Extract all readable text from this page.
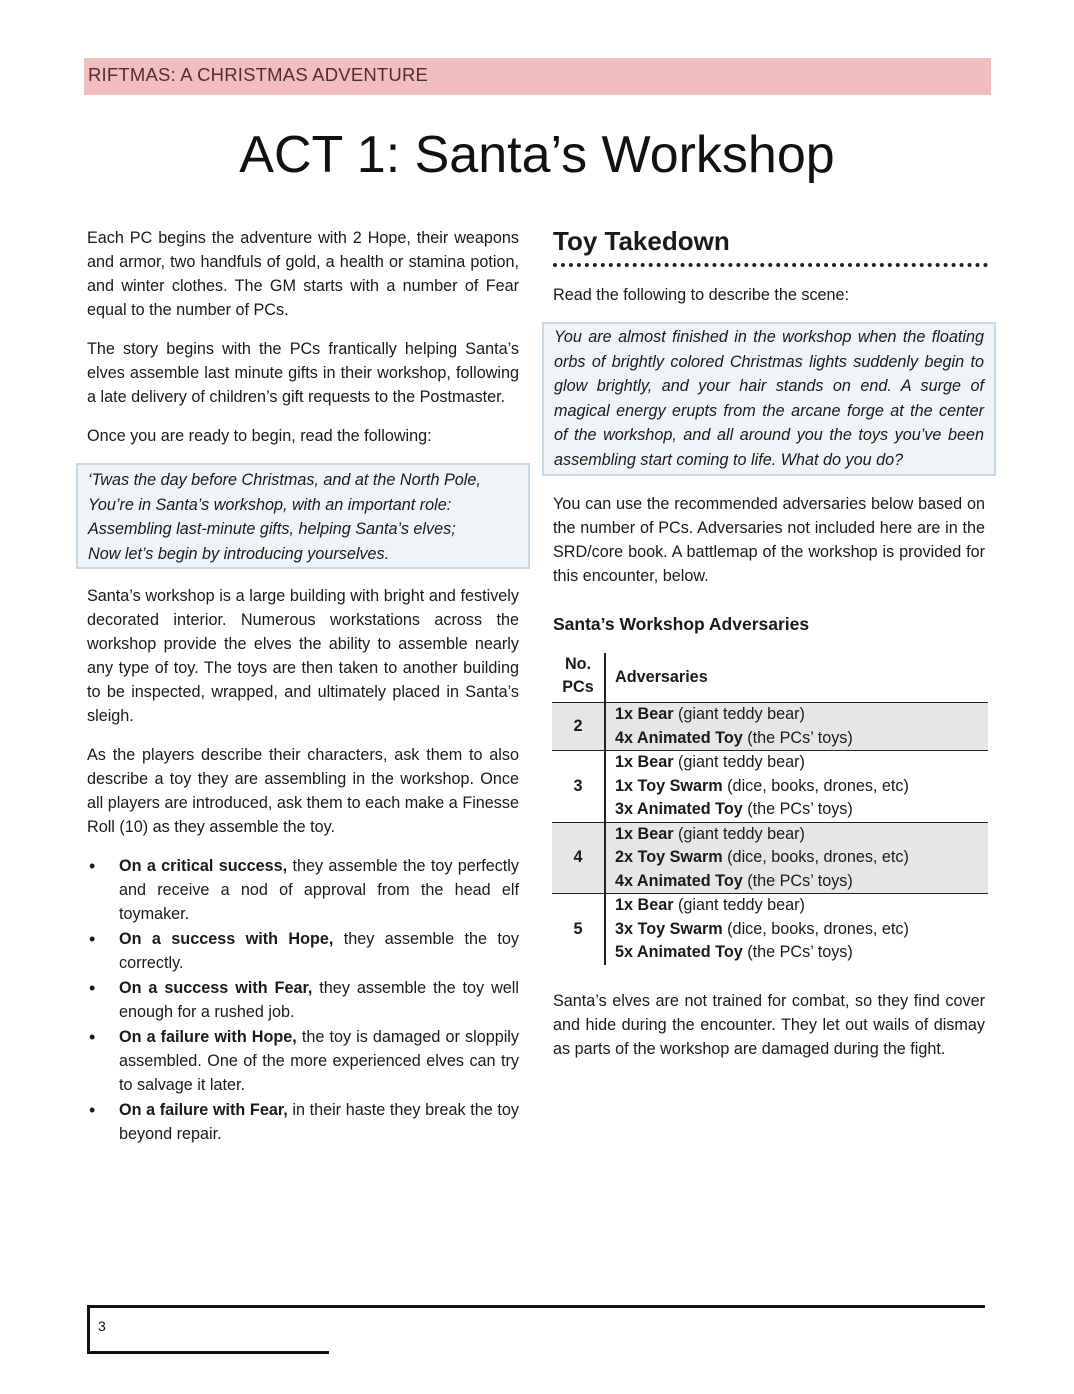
RIFTMAS: A CHRISTMAS ADVENTURE
ACT 1: Santa’s Workshop

Each PC begins the adventure with 2 Hope, their weapons and armor, two handfuls of gold, a health or stamina potion, and winter clothes. The GM starts with a number of Fear equal to the number of PCs.

The story begins with the PCs frantically helping Santa’s elves assemble last minute gifts in their workshop, following a late delivery of children’s gift requests to the Postmaster.

Once you are ready to begin, read the following:

‘Twas the day before Christmas, and at the North Pole,
You’re in Santa’s workshop, with an important role:
Assembling last-minute gifts, helping Santa’s elves;
Now let’s begin by introducing yourselves.

Santa’s workshop is a large building with bright and festively decorated interior. Numerous workstations across the workshop provide the elves the ability to assemble nearly any type of toy. The toys are then taken to another building to be inspected, wrapped, and ultimately placed in Santa’s sleigh.

As the players describe their characters, ask them to also describe a toy they are assembling in the workshop. Once all players are introduced, ask them to each make a Finesse Roll (10) as they assemble the toy.

• On a critical success, they assemble the toy perfectly and receive a nod of approval from the head elf toymaker.
• On a success with Hope, they assemble the toy correctly.
• On a success with Fear, they assemble the toy well enough for a rushed job.
• On a failure with Hope, the toy is damaged or sloppily assembled. One of the more experienced elves can try to salvage it later.
• On a failure with Fear, in their haste they break the toy beyond repair.
Toy Takedown

Read the following to describe the scene:

You are almost finished in the workshop when the floating orbs of brightly colored Christmas lights suddenly begin to glow brightly, and your hair stands on end. A surge of magical energy erupts from the arcane forge at the center of the workshop, and all around you the toys you’ve been assembling start coming to life. What do you do?

You can use the recommended adversaries below based on the number of PCs. Adversaries not included here are in the SRD/core book. A battlemap of the workshop is provided for this encounter, below.

Santa’s Workshop Adversaries
No.
PCs	Adversaries
2	1x Bear (giant teddy bear)
4x Animated Toy (the PCs’ toys)

3	1x Bear (giant teddy bear)
1x Toy Swarm (dice, books, drones, etc)
3x Animated Toy (the PCs’ toys)

4	1x Bear (giant teddy bear)
2x Toy Swarm (dice, books, drones, etc)
4x Animated Toy (the PCs’ toys)

5	1x Bear (giant teddy bear)
3x Toy Swarm (dice, books, drones, etc)
5x Animated Toy (the PCs’ toys)

Santa’s elves are not trained for combat, so they find cover and hide during the encounter. They let out wails of dismay as parts of the workshop are damaged during the fight.

3
